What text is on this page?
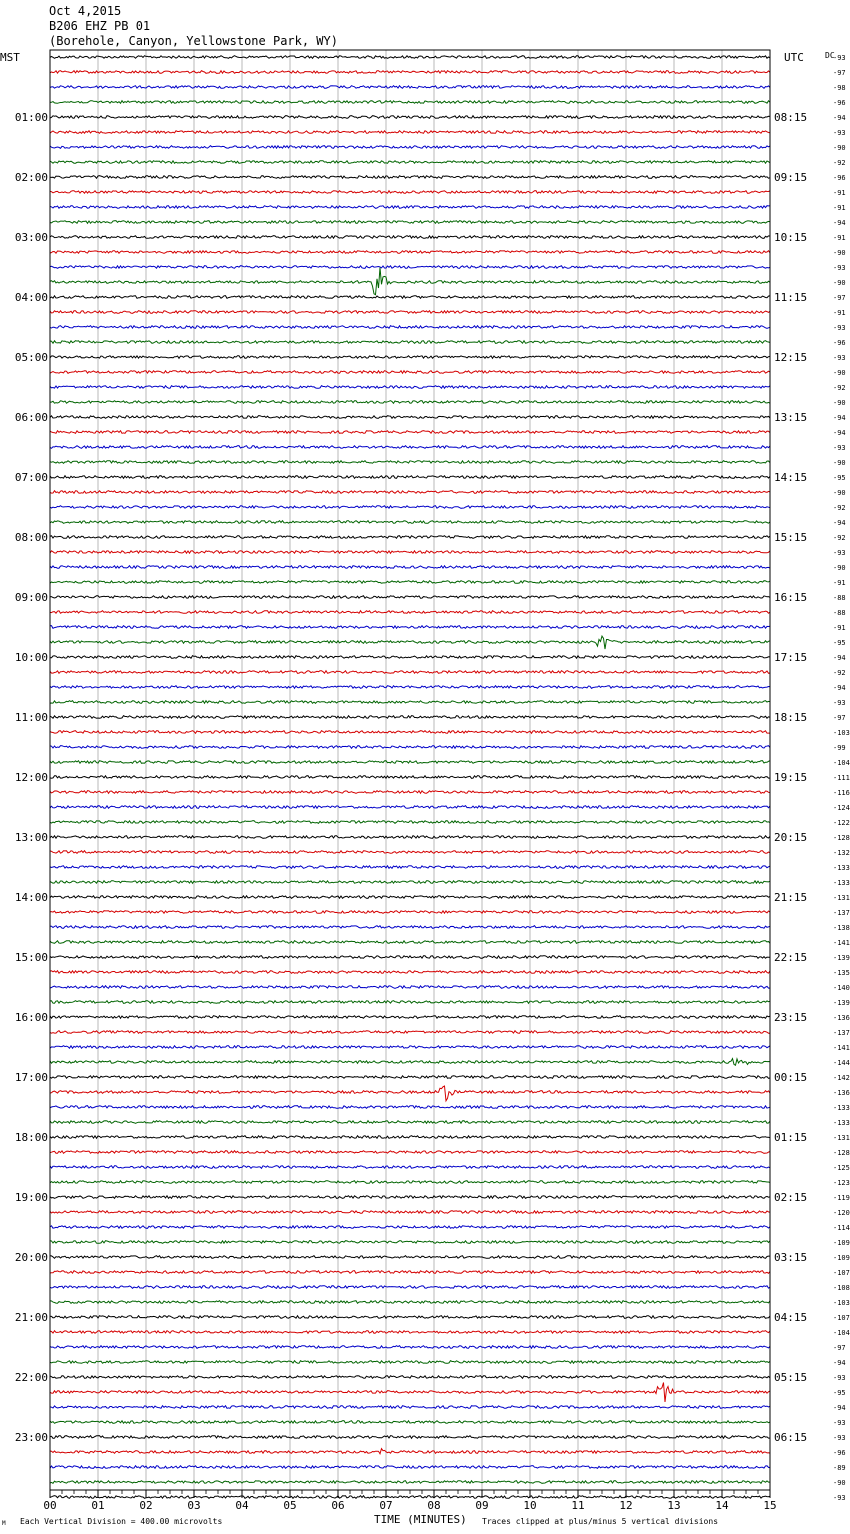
Oct 4,2015
B206 EHZ PB 01
(Borehole, Canyon, Yellowstone Park, WY)
00	01	02	03	04	05	06	07	08	09	10	11	12	13	14	15
-93
-97
-98
-96
-94
-93
-90
-92
-96
-91
-91
-94
-91
-90
-93
-90
-97
-91
-93
-96
-93
-90
-92
-90
-94
-94
-93
-90
-95
-90
-92
-94
-92
-93
-90
-91
-88
-88
-91
-95
-94
-92
-94
-93
-97
-103
-99
-104
-111
-116
-124
-122
-128
-132
-133
-133
-131
-137
-138
-141
-139
-135
-140
-139
-136
-137
-141
-144
-142
-136
-133
-133
-131
-128
-125
-123
-119
-120
-114
-109
-109
-107
-108
-103
-107
-104
-97
-94
-93
-95
-94
-93
-93
-96
-89
-90
-93
01:00	08:15
02:00	09:15
03:00	10:15
04:00	11:15
05:00	12:15
06:00	13:15
07:00	14:15
08:00	15:15
09:00	16:15
10:00	17:15
11:00	18:15
12:00	19:15
13:00	20:15
14:00	21:15
15:00	22:15
16:00	23:15
17:00	00:15
18:00	01:15
19:00	02:15
20:00	03:15
21:00	04:15
22:00	05:15
23:00	06:15
MST	UTC	DC
TIME (MINUTES)
Each Vertical Division = 400.00 microvolts	Traces clipped at plus/minus 5 vertical divisions
M
